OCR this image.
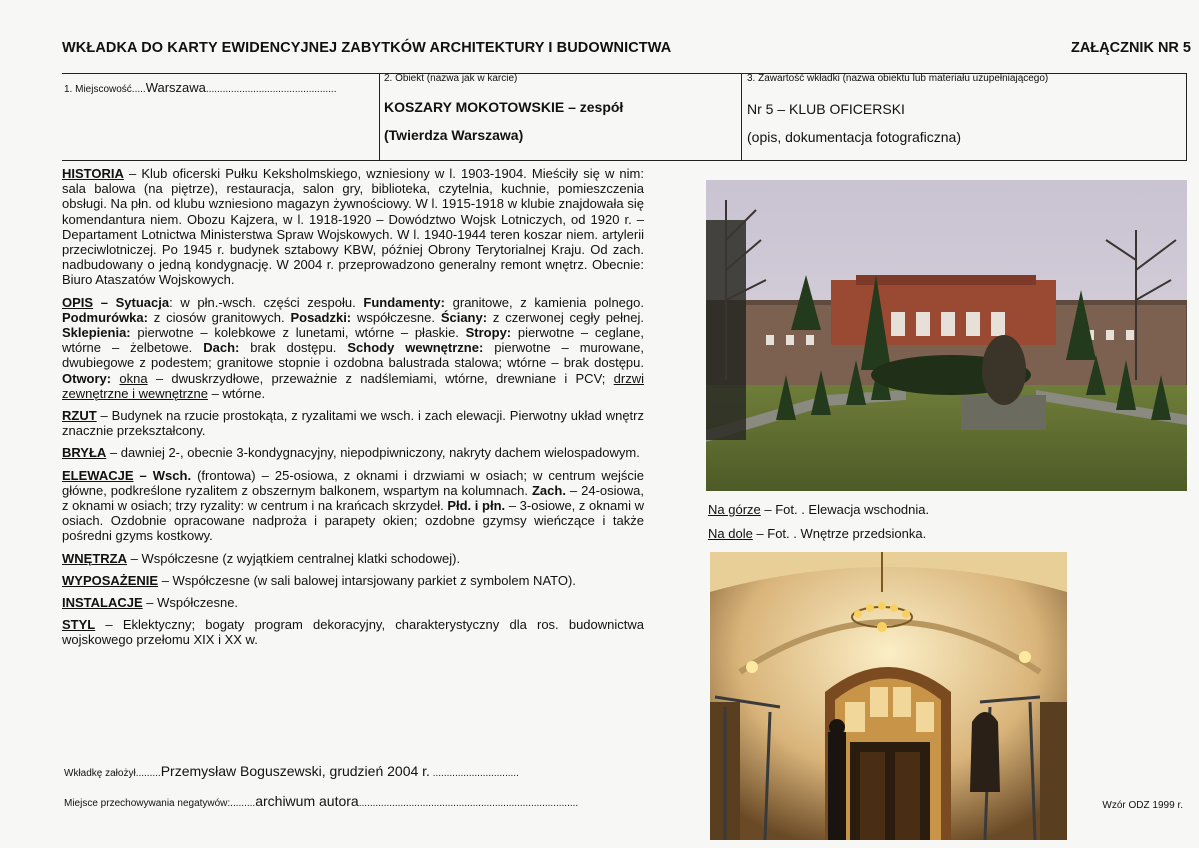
WKŁADKA DO KARTY EWIDENCYJNEJ ZABYTKÓW ARCHITEKTURY I BUDOWNICTWA	ZAŁĄCZNIK NR 5
1. Miejscowość.....Warszawa...............................................
2. Obiekt (nazwa jak w karcie)
KOSZARY MOKOTOWSKIE – zespół
(Twierdza Warszawa)
3. Zawartość wkładki (nazwa obiektu lub materiału uzupełniającego)
Nr 5 – KLUB OFICERSKI
(opis, dokumentacja fotograficzna)

HISTORIA – Klub oficerski Pułku Keksholmskiego, wzniesiony w l. 1903-1904. Mieściły się w nim: sala balowa (na piętrze), restauracja, salon gry, biblioteka, czytelnia, kuchnie, pomieszczenia obsługi. Na płn. od klubu wzniesiono magazyn żywnościowy. W l. 1915-1918 w klubie znajdowała się komendantura niem. Obozu Kajzera, w l. 1918-1920 – Dowództwo Wojsk Lotniczych, od 1920 r. – Departament Lotnictwa Ministerstwa Spraw Wojskowych. W l. 1940-1944 teren koszar niem. artylerii przeciwlotniczej. Po 1945 r. budynek sztabowy KBW, później Obrony Terytorialnej Kraju. Od zach. nadbudowany o jedną kondygnację. W 2004 r. przeprowadzono generalny remont wnętrz. Obecnie: Biuro Ataszatów Wojskowych.

OPIS – Sytuacja: w płn.-wsch. części zespołu. Fundamenty: granitowe, z kamienia polnego. Podmurówka: z ciosów granitowych. Posadzki: współczesne. Ściany: z czerwonej cegły pełnej. Sklepienia: pierwotne – kolebkowe z lunetami, wtórne – płaskie. Stropy: pierwotne – ceglane, wtórne – żelbetowe. Dach: brak dostępu. Schody wewnętrzne: pierwotne – murowane, dwubiegowe z podestem; granitowe stopnie i ozdobna balustrada stalowa; wtórne – brak dostępu. Otwory: okna – dwuskrzydłowe, przeważnie z nadślemiami, wtórne, drewniane i PCV; drzwi zewnętrzne i wewnętrzne – wtórne.

RZUT – Budynek na rzucie prostokąta, z ryzalitami we wsch. i zach elewacji. Pierwotny układ wnętrz znacznie przekształcony.

BRYŁA – dawniej 2-, obecnie 3-kondygnacyjny, niepodpiwniczony, nakryty dachem wielospadowym.

ELEWACJE – Wsch. (frontowa) – 25-osiowa, z oknami i drzwiami w osiach; w centrum wejście główne, podkreślone ryzalitem z obszernym balkonem, wspartym na kolumnach. Zach. – 24-osiowa, z oknami w osiach; trzy ryzality: w centrum i na krańcach skrzydeł. Płd. i płn. – 3-osiowe, z oknami w osiach. Ozdobnie opracowane nadproża i parapety okien; ozdobne gzymsy wieńczące i także pośredni gzyms kostkowy.

WNĘTRZA – Współczesne (z wyjątkiem centralnej klatki schodowej).

WYPOSAŻENIE – Współczesne (w sali balowej intarsjowany parkiet z symbolem NATO).

INSTALACJE – Współczesne.

STYL – Eklektyczny; bogaty program dekoracyjny, charakterystyczny dla ros. budownictwa wojskowego przełomu XIX i XX w.

Na górze – Fot. . Elewacja wschodnia.
Na dole – Fot. . Wnętrze przedsionka.
Wkładkę założył.........Przemysław Boguszewski, grudzień 2004 r. ...............................
Miejsce przechowywania negatywów:.........archiwum autora...............................................................................	Wzór ODZ 1999 r.
